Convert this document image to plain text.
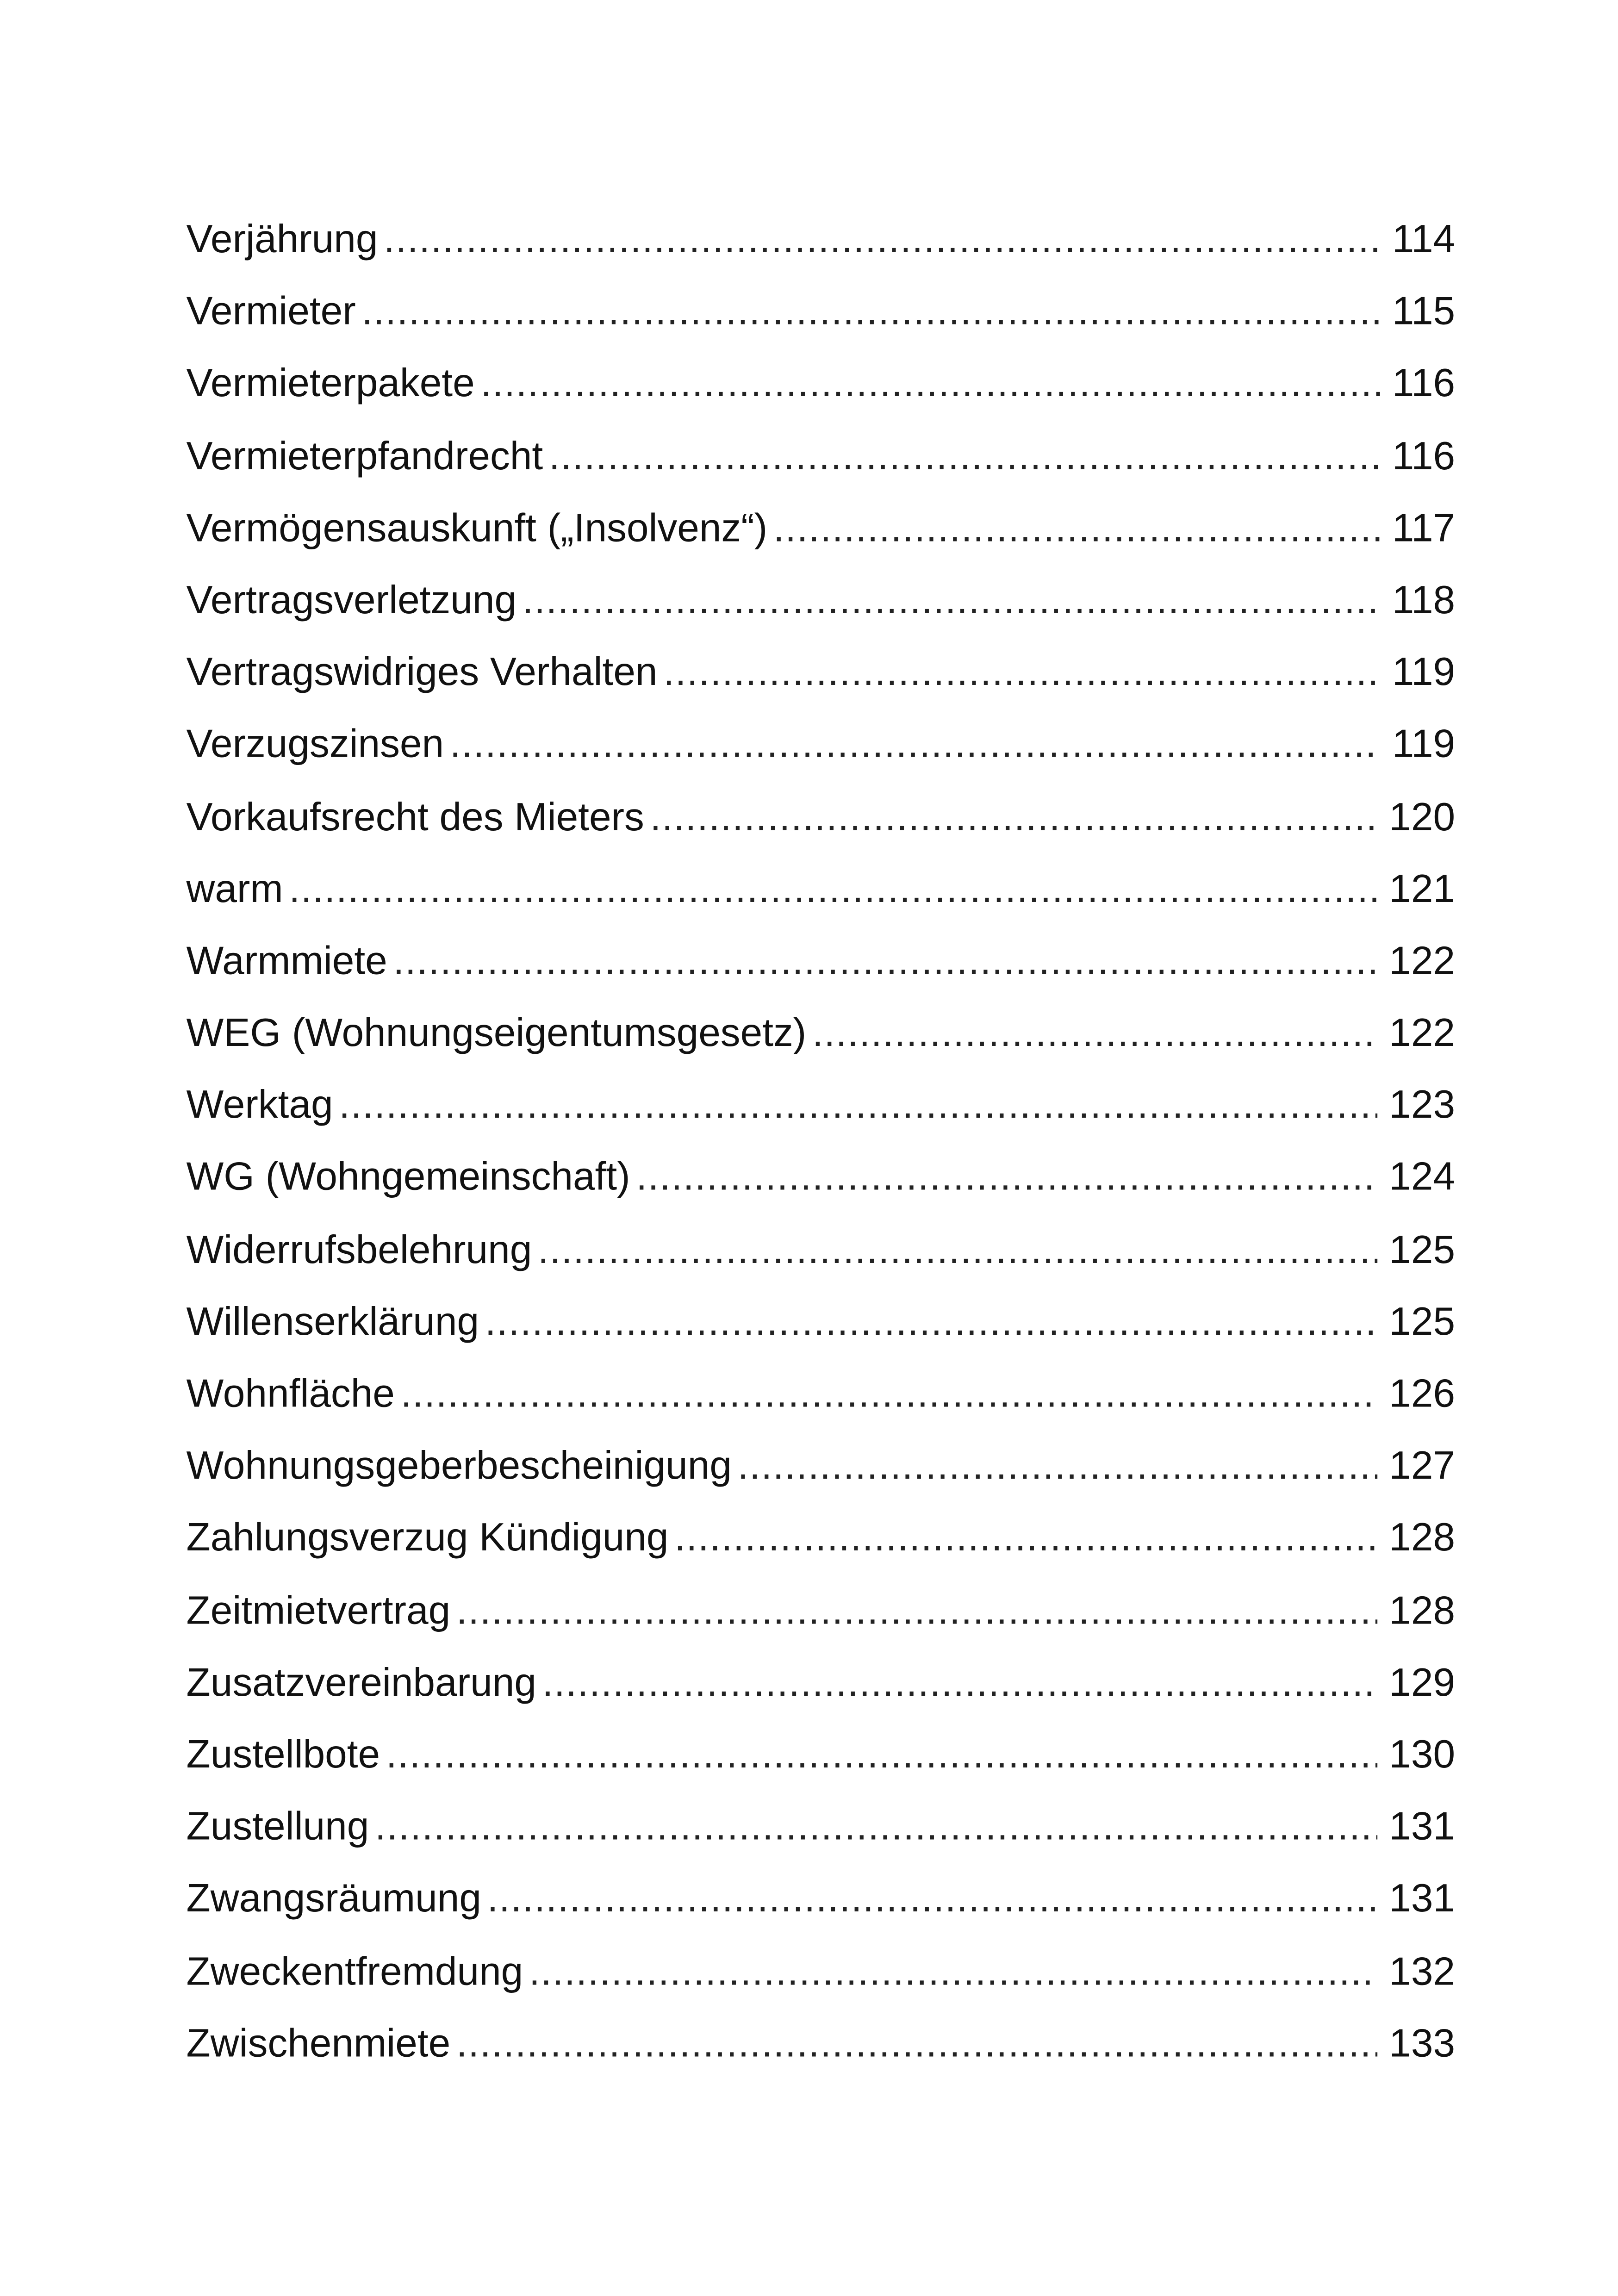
Verjährung .....	114
Vermieter .....	115
Vermieterpakete .....	116
Vermieterpfandrecht .....	116
Vermögensauskunft („Insolvenz“) .....	117
Vertragsverletzung .....	118
Vertragswidriges Verhalten .....	119
Verzugszinsen .....	119
Vorkaufsrecht des Mieters .....	120
warm .....	121
Warmmiete .....	122
WEG (Wohnungseigentumsgesetz) .....	122
Werktag .....	123
WG (Wohngemeinschaft) .....	124
Widerrufsbelehrung .....	125
Willenserklärung .....	125
Wohnfläche .....	126
Wohnungsgeberbescheinigung .....	127
Zahlungsverzug Kündigung .....	128
Zeitmietvertrag .....	128
Zusatzvereinbarung .....	129
Zustellbote .....	130
Zustellung .....	131
Zwangsräumung .....	131
Zweckentfremdung .....	132
Zwischenmiete .....	133
